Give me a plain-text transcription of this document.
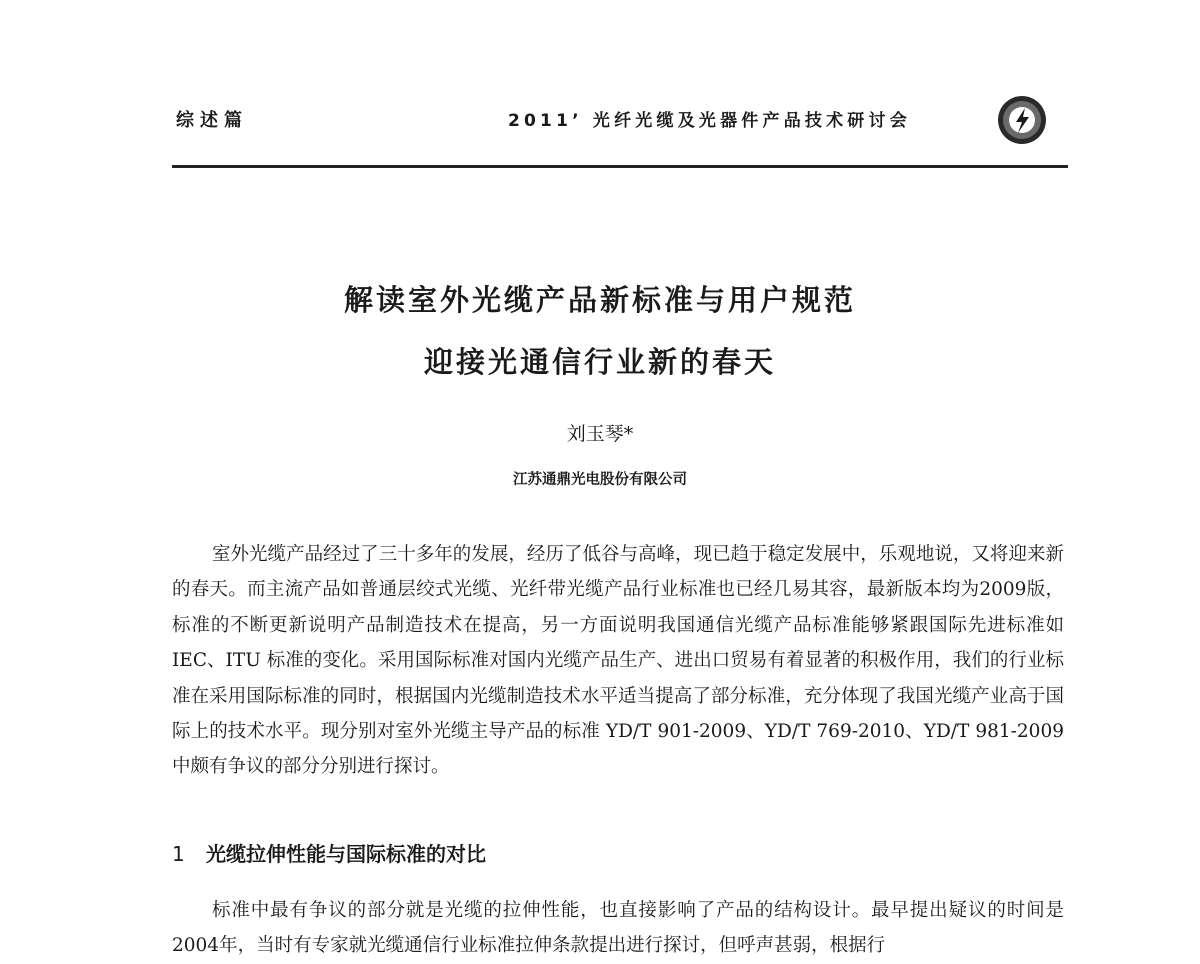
综述篇	2011’ 光纤光缆及光器件产品技术研讨会
解读室外光缆产品新标准与用户规范
迎接光通信行业新的春天
刘玉琴*
江苏通鼎光电股份有限公司

室外光缆产品经过了三十多年的发展，经历了低谷与高峰，现已趋于稳定发展中，乐观地说，又将迎来新的春天。而主流产品如普通层绞式光缆、光纤带光缆产品行业标准也已经几易其容，最新版本均为2009版，标准的不断更新说明产品制造技术在提高，另一方面说明我国通信光缆产品标准能够紧跟国际先进标准如 IEC、ITU 标准的变化。采用国际标准对国内光缆产品生产、进出口贸易有着显著的积极作用，我们的行业标准在采用国际标准的同时，根据国内光缆制造技术水平适当提高了部分标准，充分体现了我国光缆产业高于国际上的技术水平。现分别对室外光缆主导产品的标准 YD/T 901-2009、YD/T 769-2010、YD/T 981-2009 中颇有争议的部分分别进行探讨。

1 光缆拉伸性能与国际标准的对比

标准中最有争议的部分就是光缆的拉伸性能，也直接影响了产品的结构设计。最早提出疑议的时间是2004年，当时有专家就光缆通信行业标准拉伸条款提出进行探讨，但呼声甚弱，根据行
